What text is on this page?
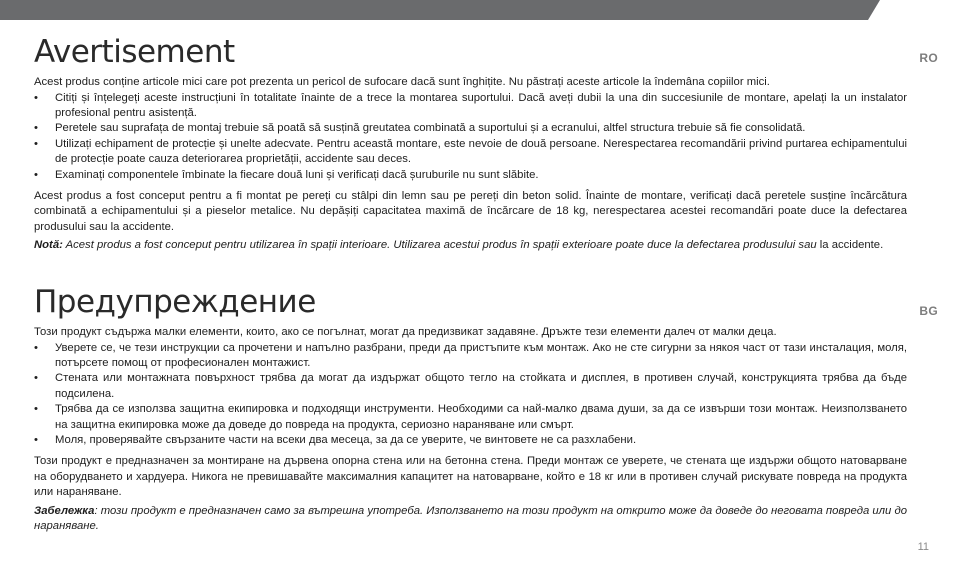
RO
BG
Avertisement

Acest produs conține articole mici care pot prezenta un pericol de sufocare dacă sunt înghițite. Nu păstrați aceste articole la îndemâna copiilor mici.

• Citiți și înțelegeți aceste instrucțiuni în totalitate înainte de a trece la montarea suportului. Dacă aveți dubii la una din succesiunile de montare, apelați la un instalator profesional pentru asistență.
• Peretele sau suprafața de montaj trebuie să poată să susțină greutatea combinată a suportului și a ecranului, altfel structura trebuie să fie consolidată.
• Utilizați echipament de protecție și unelte adecvate. Pentru această montare, este nevoie de două persoane. Nerespectarea recomandării privind purtarea echipamentului de protecție poate cauza deteriorarea proprietății, accidente sau deces.
• Examinați componentele îmbinate la fiecare două luni și verificați dacă șuruburile nu sunt slăbite.

Acest produs a fost conceput pentru a fi montat pe pereți cu stâlpi din lemn sau pe pereți din beton solid. Înainte de montare, verificați dacă peretele susține încărcătura combinată a echipamentului și a pieselor metalice. Nu depășiți capacitatea maximă de încărcare de 18 kg, nerespectarea acestei recomandări poate duce la defectarea produsului sau la accidente.

Notă: Acest produs a fost conceput pentru utilizarea în spații interioare. Utilizarea acestui produs în spații exterioare poate duce la defectarea produsului sau la accidente.

Предупреждение

Този продукт съдържа малки елементи, които, ако се погълнат, могат да предизвикат задавяне. Дръжте тези елементи далеч от малки деца.

• Уверете се, че тези инструкции са прочетени и напълно разбрани, преди да пристъпите към монтаж. Ако не сте сигурни за някоя част от тази инсталация, моля, потърсете помощ от професионален монтажист.
• Стената или монтажната повърхност трябва да могат да издържат общото тегло на стойката и дисплея, в противен случай, конструкцията трябва да бъде подсилена.
• Трябва да се използва защитна екипировка и подходящи инструменти. Необходими са най-малко двама души, за да се извърши този монтаж. Неизползването на защитна екипировка може да доведе до повреда на продукта, сериозно нараняване или смърт.
• Моля, проверявайте свързаните части на всеки два месеца, за да се уверите, че винтовете не са разхлабени.

Този продукт е предназначен за монтиране на дървена опорна стена или на бетонна стена. Преди монтаж се уверете, че стената ще издържи общото натоварване на оборудването и хардуера. Никога не превишавайте максималния капацитет на натоварване, който е 18 кг или в противен случай рискувате повреда на продукта или нараняване.

Забележка: този продукт е предназначен само за вътрешна употреба. Използването на този продукт на открито може да доведе до неговата повреда или до нараняване.

11
